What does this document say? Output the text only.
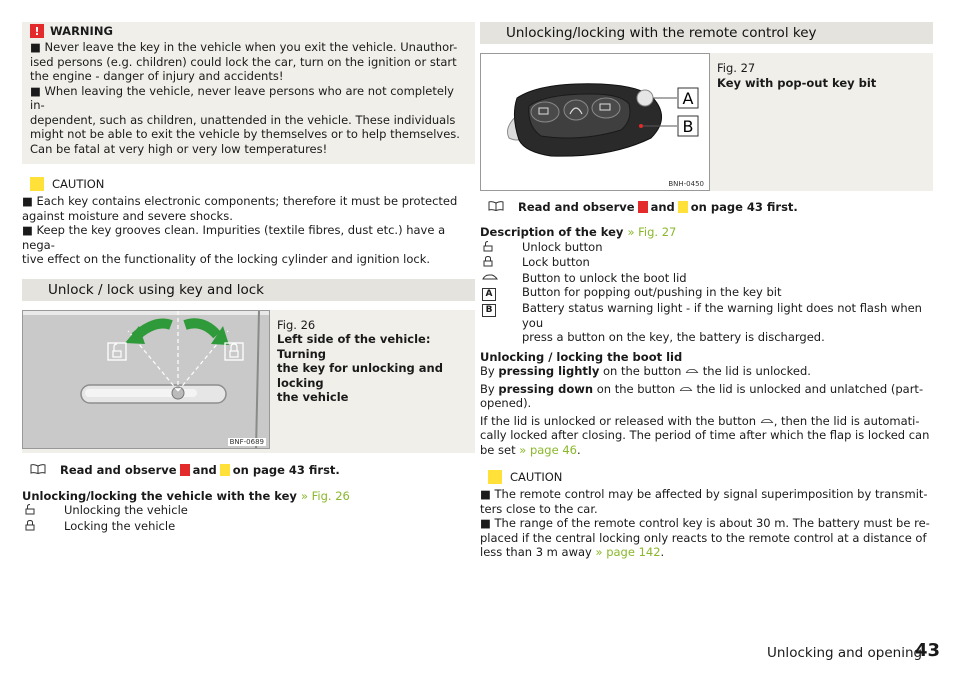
! WARNING

■ Never leave the key in the vehicle when you exit the vehicle. Unauthor-

ised persons (e.g. children) could lock the car, turn on the ignition or start

the engine - danger of injury and accidents!

■ When leaving the vehicle, never leave persons who are not completely in-

dependent, such as children, unattended in the vehicle. These individuals

might not be able to exit the vehicle by themselves or to help themselves.

Can be fatal at very high or very low temperatures!

CAUTION

■ Each key contains electronic components; therefore it must be protected

against moisture and severe shocks.

■ Keep the key grooves clean. Impurities (textile fibres, dust etc.) have a nega-

tive effect on the functionality of the locking cylinder and ignition lock.

Unlock / lock using key and lock
BNF-0689
Fig. 26
Left side of the vehicle: Turning
the key for unlocking and locking
the vehicle
Read and observe and on page 43 first.
Unlocking/locking the vehicle with the key » Fig. 26
Unlocking the vehicle
Locking the vehicle
Unlocking/locking with the remote control key
A
B
BNH-0450
Fig. 27
Key with pop-out key bit
Read and observe and on page 43 first.
Description of the key » Fig. 27
Unlock button
Lock button
Button to unlock the boot lid
A	Button for popping out/pushing in the key bit
B	Battery status warning light - if the warning light does not flash when you
press a button on the key, the battery is discharged.
Unlocking / locking the boot lid
By pressing lightly on the button the lid is unlocked.
By pressing down on the button the lid is unlocked and unlatched (part-
opened).
If the lid is unlocked or released with the button , then the lid is automati-
cally locked after closing. The period of time after which the flap is locked can
be set » page 46.
CAUTION

■ The remote control may be affected by signal superimposition by transmit-

ters close to the car.

■ The range of the remote control key is about 30 m. The battery must be re-

placed if the central locking only reacts to the remote control at a distance of

less than 3 m away » page 142.

Unlocking and opening
43
